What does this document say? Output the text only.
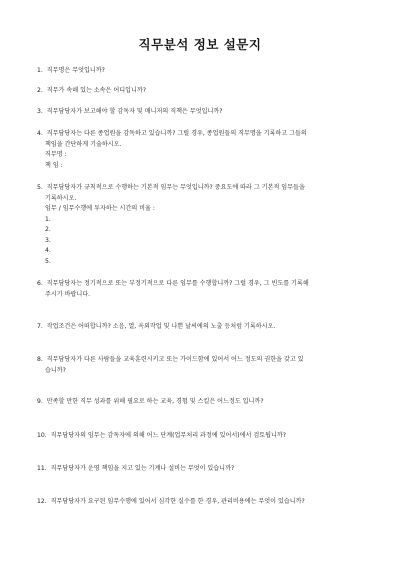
직무분석 정보 설문지
1. 직무명은 무엇입니까?
2. 직무가 속해 있는 소속은 어디입니까?
3. 직무담당자가 보고해야 할 감독자 및 매니저의 직책은 무엇입니까?
4. 직무담당자는 다른 종업원을 감독하고 있습니까? 그럴 경우, 종업원들의 직무명을 기록하고 그들의
책임을 간단하게 기술하시오.
직무명 :
책 임 :
5. 직무담당자가 규칙적으로 수행하는 기본적 임무는 무엇입니까? 중요도에 따라 그 기본적 임무들을
기록하시오.
임무 / 임무수행에 투자하는 시간의 비율 :
1.
2.
3.
4.
5.
6. 직무담당자는 정기적으로 또는 부정기적으로 다른 임무를 수행합니까? 그럴 경우, 그 빈도를 기록해
주시기 바랍니다.
7. 작업조건은 어떠합니까? 소음, 열, 옥외작업 및 나쁜 날씨에의 노출 등처럼 기록하시오.
8. 직무담당자가 다른 사람들을 교육훈련시키고 또는 가이드함에 있어서 어느 정도의 권한을 갖고 있
습니까?
9. 만족할 만한 직무 성과를 위해 필요로 하는 교육, 경험 및 스킬은 어느정도 입니까?
10. 직무담당자의 임무는 감독자에 의해 어느 단계(업무처리 과정에 있어서)에서 검토됩니까?
11. 직무담당자가 운영 책임을 지고 있는 기계나 설비는 무엇이 있습니까?
12. 직무담당자가 요구된 임무수행에 있어서 심각한 실수를 한 경우, 관리비용에는 무엇이 있습니까?
